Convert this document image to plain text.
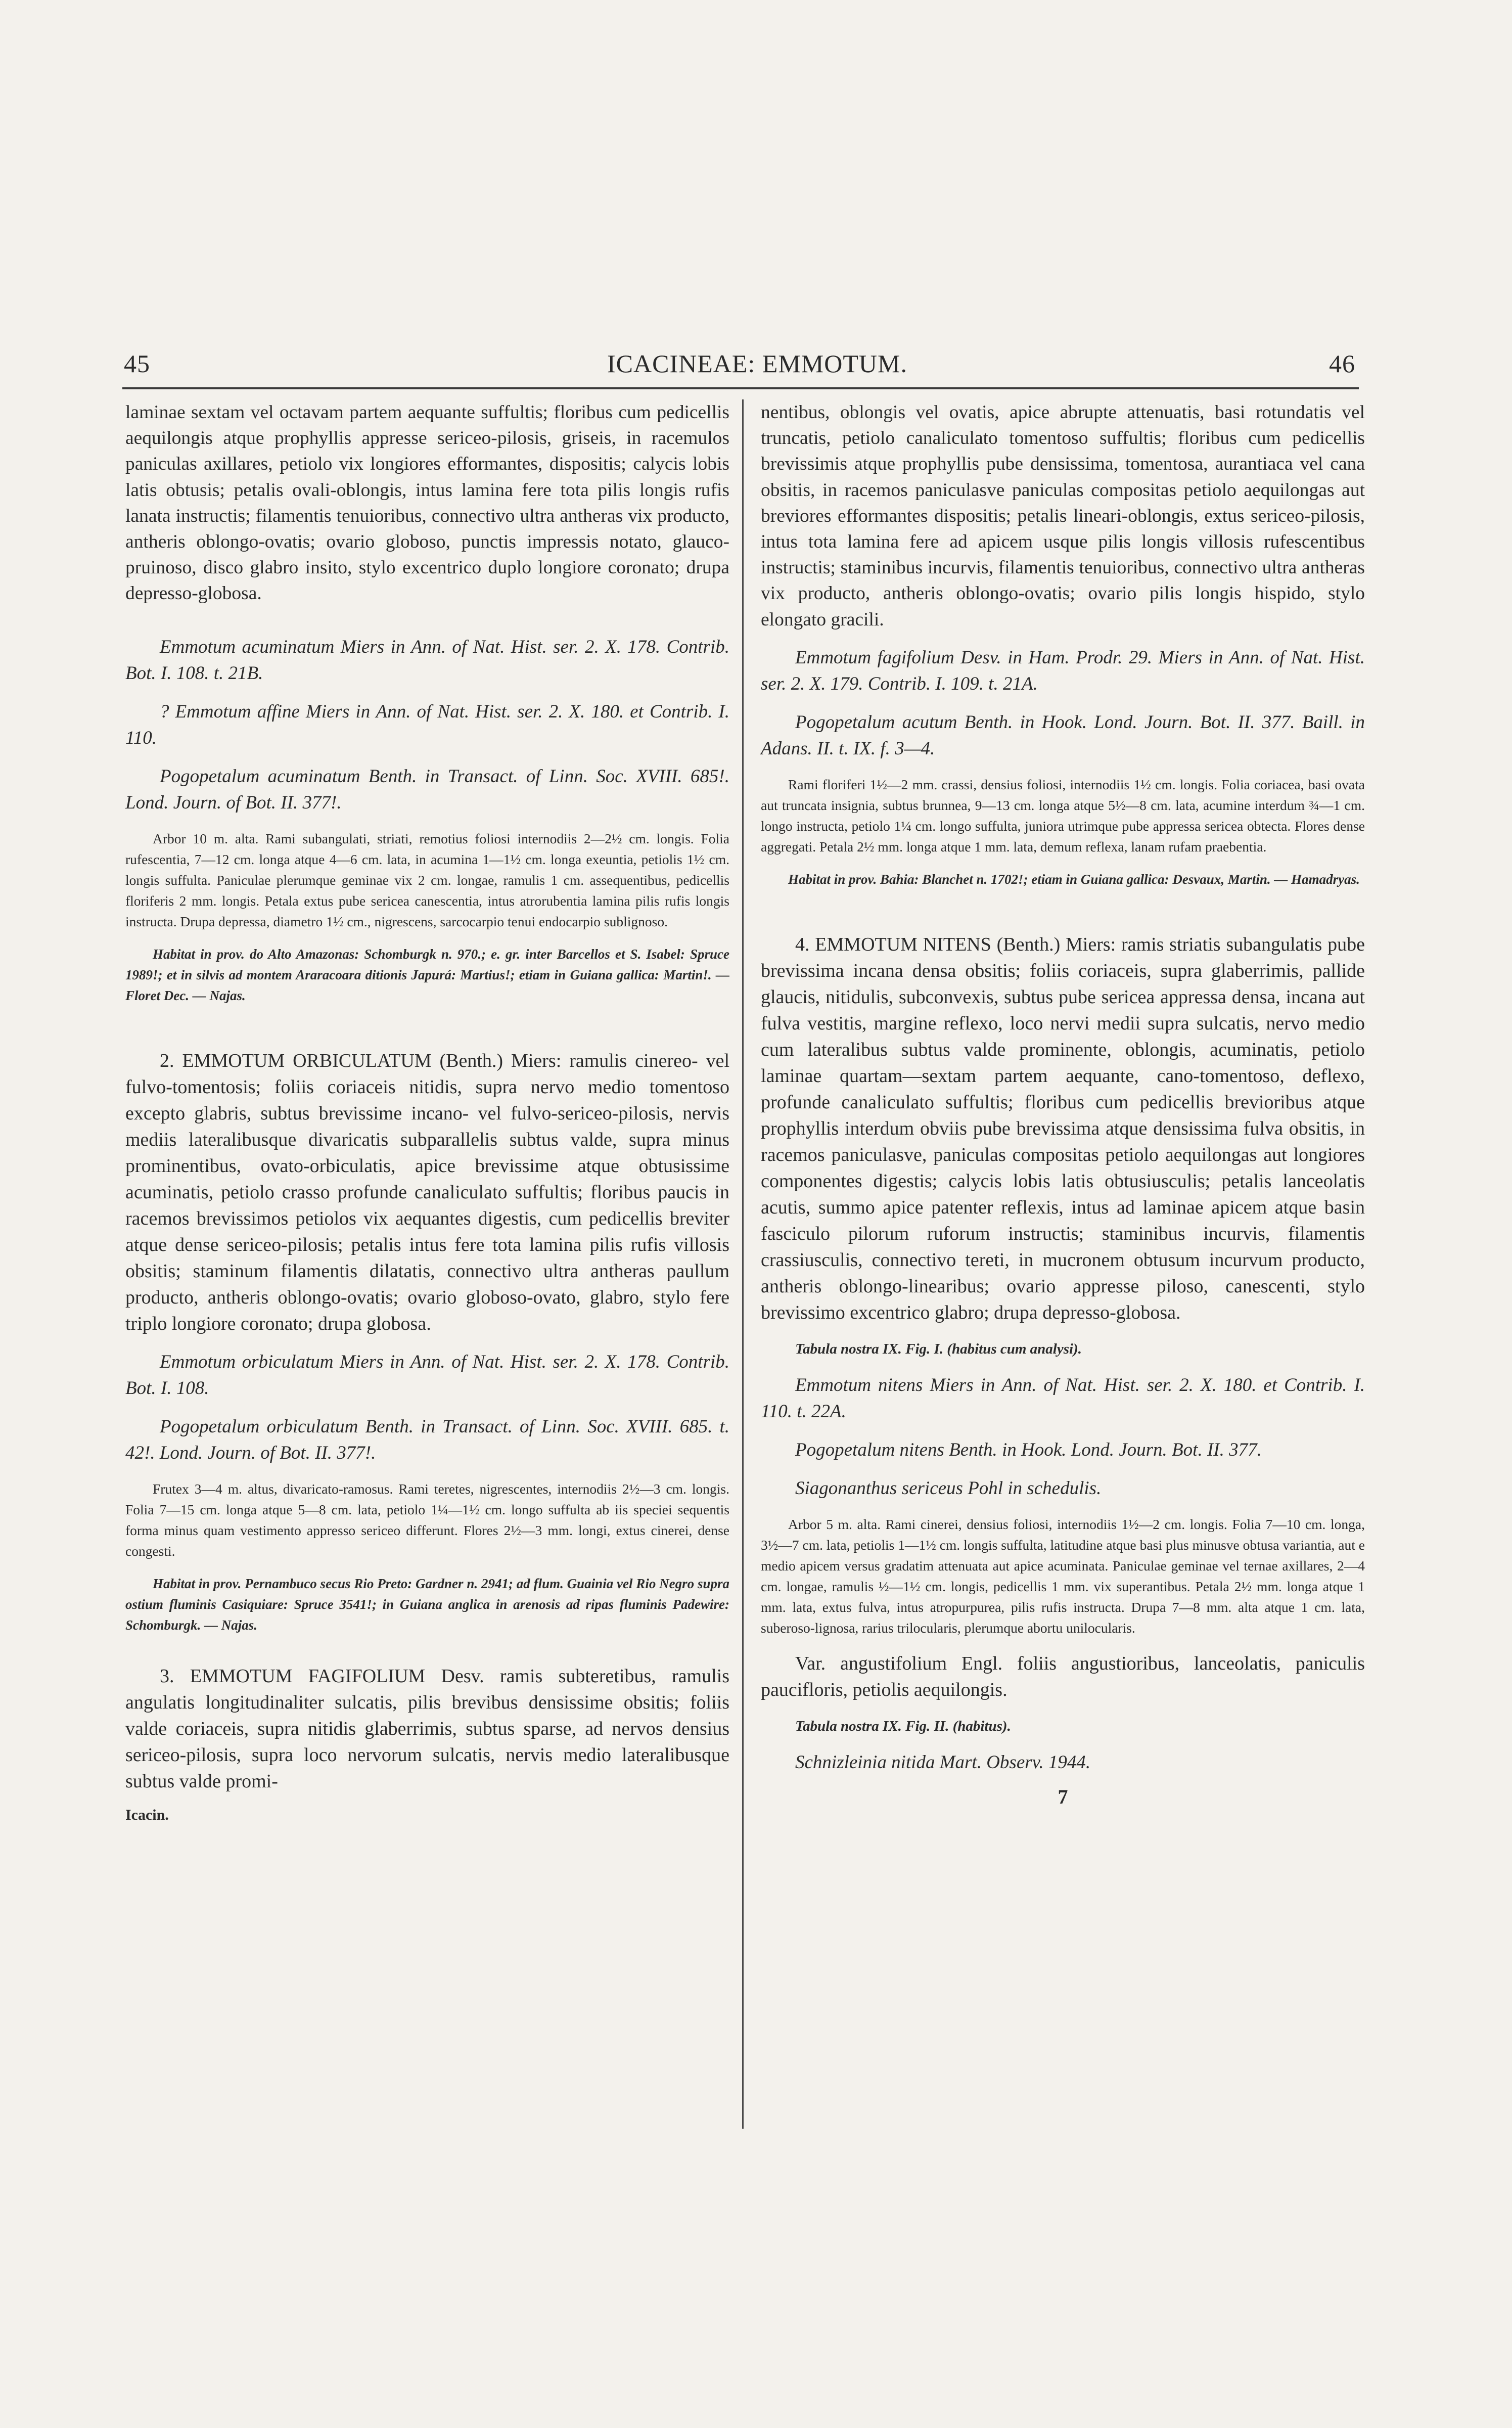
45	ICACINEAE: EMMOTUM.	46

laminae sextam vel octavam partem aequante suffultis; floribus cum pedicellis aequilongis atque prophyllis appresse sericeo-pilosis, griseis, in racemulos paniculas axillares, petiolo vix longiores efformantes, dispositis; calycis lobis latis obtusis; petalis ovali-oblongis, intus lamina fere tota pilis longis rufis lanata instructis; filamentis tenuioribus, connectivo ultra antheras vix producto, antheris oblongo-ovatis; ovario globoso, punctis impressis notato, glauco-pruinoso, disco glabro insito, stylo excentrico duplo longiore coronato; drupa depresso-globosa.

Emmotum acuminatum Miers in Ann. of Nat. Hist. ser. 2. X. 178. Contrib. Bot. I. 108. t. 21B.

? Emmotum affine Miers in Ann. of Nat. Hist. ser. 2. X. 180. et Contrib. I. 110.

Pogopetalum acuminatum Benth. in Transact. of Linn. Soc. XVIII. 685!. Lond. Journ. of Bot. II. 377!.

Arbor 10 m. alta. Rami subangulati, striati, remotius foliosi internodiis 2—2½ cm. longis. Folia rufescentia, 7—12 cm. longa atque 4—6 cm. lata, in acumina 1—1½ cm. longa exeuntia, petiolis 1½ cm. longis suffulta. Paniculae plerumque geminae vix 2 cm. longae, ramulis 1 cm. assequentibus, pedicellis floriferis 2 mm. longis. Petala extus pube sericea canescentia, intus atrorubentia lamina pilis rufis longis instructa. Drupa depressa, diametro 1½ cm., nigrescens, sarcocarpio tenui endocarpio sublignoso.

Habitat in prov. do Alto Amazonas: Schomburgk n. 970.; e. gr. inter Barcellos et S. Isabel: Spruce 1989!; et in silvis ad montem Araracoara ditionis Japurá: Martius!; etiam in Guiana gallica: Martin!. — Floret Dec. — Najas.

2. EMMOTUM ORBICULATUM (Benth.) Miers: ramulis cinereo- vel fulvo-tomentosis; foliis coriaceis nitidis, supra nervo medio tomentoso excepto glabris, subtus brevissime incano- vel fulvo-sericeo-pilosis, nervis mediis lateralibusque divaricatis subparallelis subtus valde, supra minus prominentibus, ovato-orbiculatis, apice brevissime atque obtusissime acuminatis, petiolo crasso profunde canaliculato suffultis; floribus paucis in racemos brevissimos petiolos vix aequantes digestis, cum pedicellis breviter atque dense sericeo-pilosis; petalis intus fere tota lamina pilis rufis villosis obsitis; staminum filamentis dilatatis, connectivo ultra antheras paullum producto, antheris oblongo-ovatis; ovario globoso-ovato, glabro, stylo fere triplo longiore coronato; drupa globosa.

Emmotum orbiculatum Miers in Ann. of Nat. Hist. ser. 2. X. 178. Contrib. Bot. I. 108.

Pogopetalum orbiculatum Benth. in Transact. of Linn. Soc. XVIII. 685. t. 42!. Lond. Journ. of Bot. II. 377!.

Frutex 3—4 m. altus, divaricato-ramosus. Rami teretes, nigrescentes, internodiis 2½—3 cm. longis. Folia 7—15 cm. longa atque 5—8 cm. lata, petiolo 1¼—1½ cm. longo suffulta ab iis speciei sequentis forma minus quam vestimento appresso sericeo differunt. Flores 2½—3 mm. longi, extus cinerei, dense congesti.

Habitat in prov. Pernambuco secus Rio Preto: Gardner n. 2941; ad flum. Guainia vel Rio Negro supra ostium fluminis Casiquiare: Spruce 3541!; in Guiana anglica in arenosis ad ripas fluminis Padewire: Schomburgk. — Najas.

3. EMMOTUM FAGIFOLIUM Desv. ramis subteretibus, ramulis angulatis longitudinaliter sulcatis, pilis brevibus densissime obsitis; foliis valde coriaceis, supra nitidis glaberrimis, subtus sparse, ad nervos densius sericeo-pilosis, supra loco nervorum sulcatis, nervis medio lateralibusque subtus valde promi-

Icacin.

nentibus, oblongis vel ovatis, apice abrupte attenuatis, basi rotundatis vel truncatis, petiolo canaliculato tomentoso suffultis; floribus cum pedicellis brevissimis atque prophyllis pube densissima, tomentosa, aurantiaca vel cana obsitis, in racemos paniculasve paniculas compositas petiolo aequilongas aut breviores efformantes dispositis; petalis lineari-oblongis, extus sericeo-pilosis, intus tota lamina fere ad apicem usque pilis longis villosis rufescentibus instructis; staminibus incurvis, filamentis tenuioribus, connectivo ultra antheras vix producto, antheris oblongo-ovatis; ovario pilis longis hispido, stylo elongato gracili.

Emmotum fagifolium Desv. in Ham. Prodr. 29. Miers in Ann. of Nat. Hist. ser. 2. X. 179. Contrib. I. 109. t. 21A.

Pogopetalum acutum Benth. in Hook. Lond. Journ. Bot. II. 377. Baill. in Adans. II. t. IX. f. 3—4.

Rami floriferi 1½—2 mm. crassi, densius foliosi, internodiis 1½ cm. longis. Folia coriacea, basi ovata aut truncata insignia, subtus brunnea, 9—13 cm. longa atque 5½—8 cm. lata, acumine interdum ¾—1 cm. longo instructa, petiolo 1¼ cm. longo suffulta, juniora utrimque pube appressa sericea obtecta. Flores dense aggregati. Petala 2½ mm. longa atque 1 mm. lata, demum reflexa, lanam rufam praebentia.

Habitat in prov. Bahia: Blanchet n. 1702!; etiam in Guiana gallica: Desvaux, Martin. — Hamadryas.

4. EMMOTUM NITENS (Benth.) Miers: ramis striatis subangulatis pube brevissima incana densa obsitis; foliis coriaceis, supra glaberrimis, pallide glaucis, nitidulis, subconvexis, subtus pube sericea appressa densa, incana aut fulva vestitis, margine reflexo, loco nervi medii supra sulcatis, nervo medio cum lateralibus subtus valde prominente, oblongis, acuminatis, petiolo laminae quartam—sextam partem aequante, cano-tomentoso, deflexo, profunde canaliculato suffultis; floribus cum pedicellis brevioribus atque prophyllis interdum obviis pube brevissima atque densissima fulva obsitis, in racemos paniculasve, paniculas compositas petiolo aequilongas aut longiores componentes digestis; calycis lobis latis obtusiusculis; petalis lanceolatis acutis, summo apice patenter reflexis, intus ad laminae apicem atque basin fasciculo pilorum ruforum instructis; staminibus incurvis, filamentis crassiusculis, connectivo tereti, in mucronem obtusum incurvum producto, antheris oblongo-linearibus; ovario appresse piloso, canescenti, stylo brevissimo excentrico glabro; drupa depresso-globosa.

Tabula nostra IX. Fig. I. (habitus cum analysi).

Emmotum nitens Miers in Ann. of Nat. Hist. ser. 2. X. 180. et Contrib. I. 110. t. 22A.

Pogopetalum nitens Benth. in Hook. Lond. Journ. Bot. II. 377.

Siagonanthus sericeus Pohl in schedulis.

Arbor 5 m. alta. Rami cinerei, densius foliosi, internodiis 1½—2 cm. longis. Folia 7—10 cm. longa, 3½—7 cm. lata, petiolis 1—1½ cm. longis suffulta, latitudine atque basi plus minusve obtusa variantia, aut e medio apicem versus gradatim attenuata aut apice acuminata. Paniculae geminae vel ternae axillares, 2—4 cm. longae, ramulis ½—1½ cm. longis, pedicellis 1 mm. vix superantibus. Petala 2½ mm. longa atque 1 mm. lata, extus fulva, intus atropurpurea, pilis rufis instructa. Drupa 7—8 mm. alta atque 1 cm. lata, suberoso-lignosa, rarius trilocularis, plerumque abortu unilocularis.

Var. angustifolium Engl. foliis angustioribus, lanceolatis, paniculis paucifloris, petiolis aequilongis.

Tabula nostra IX. Fig. II. (habitus).

Schnizleinia nitida Mart. Observ. 1944.

7
